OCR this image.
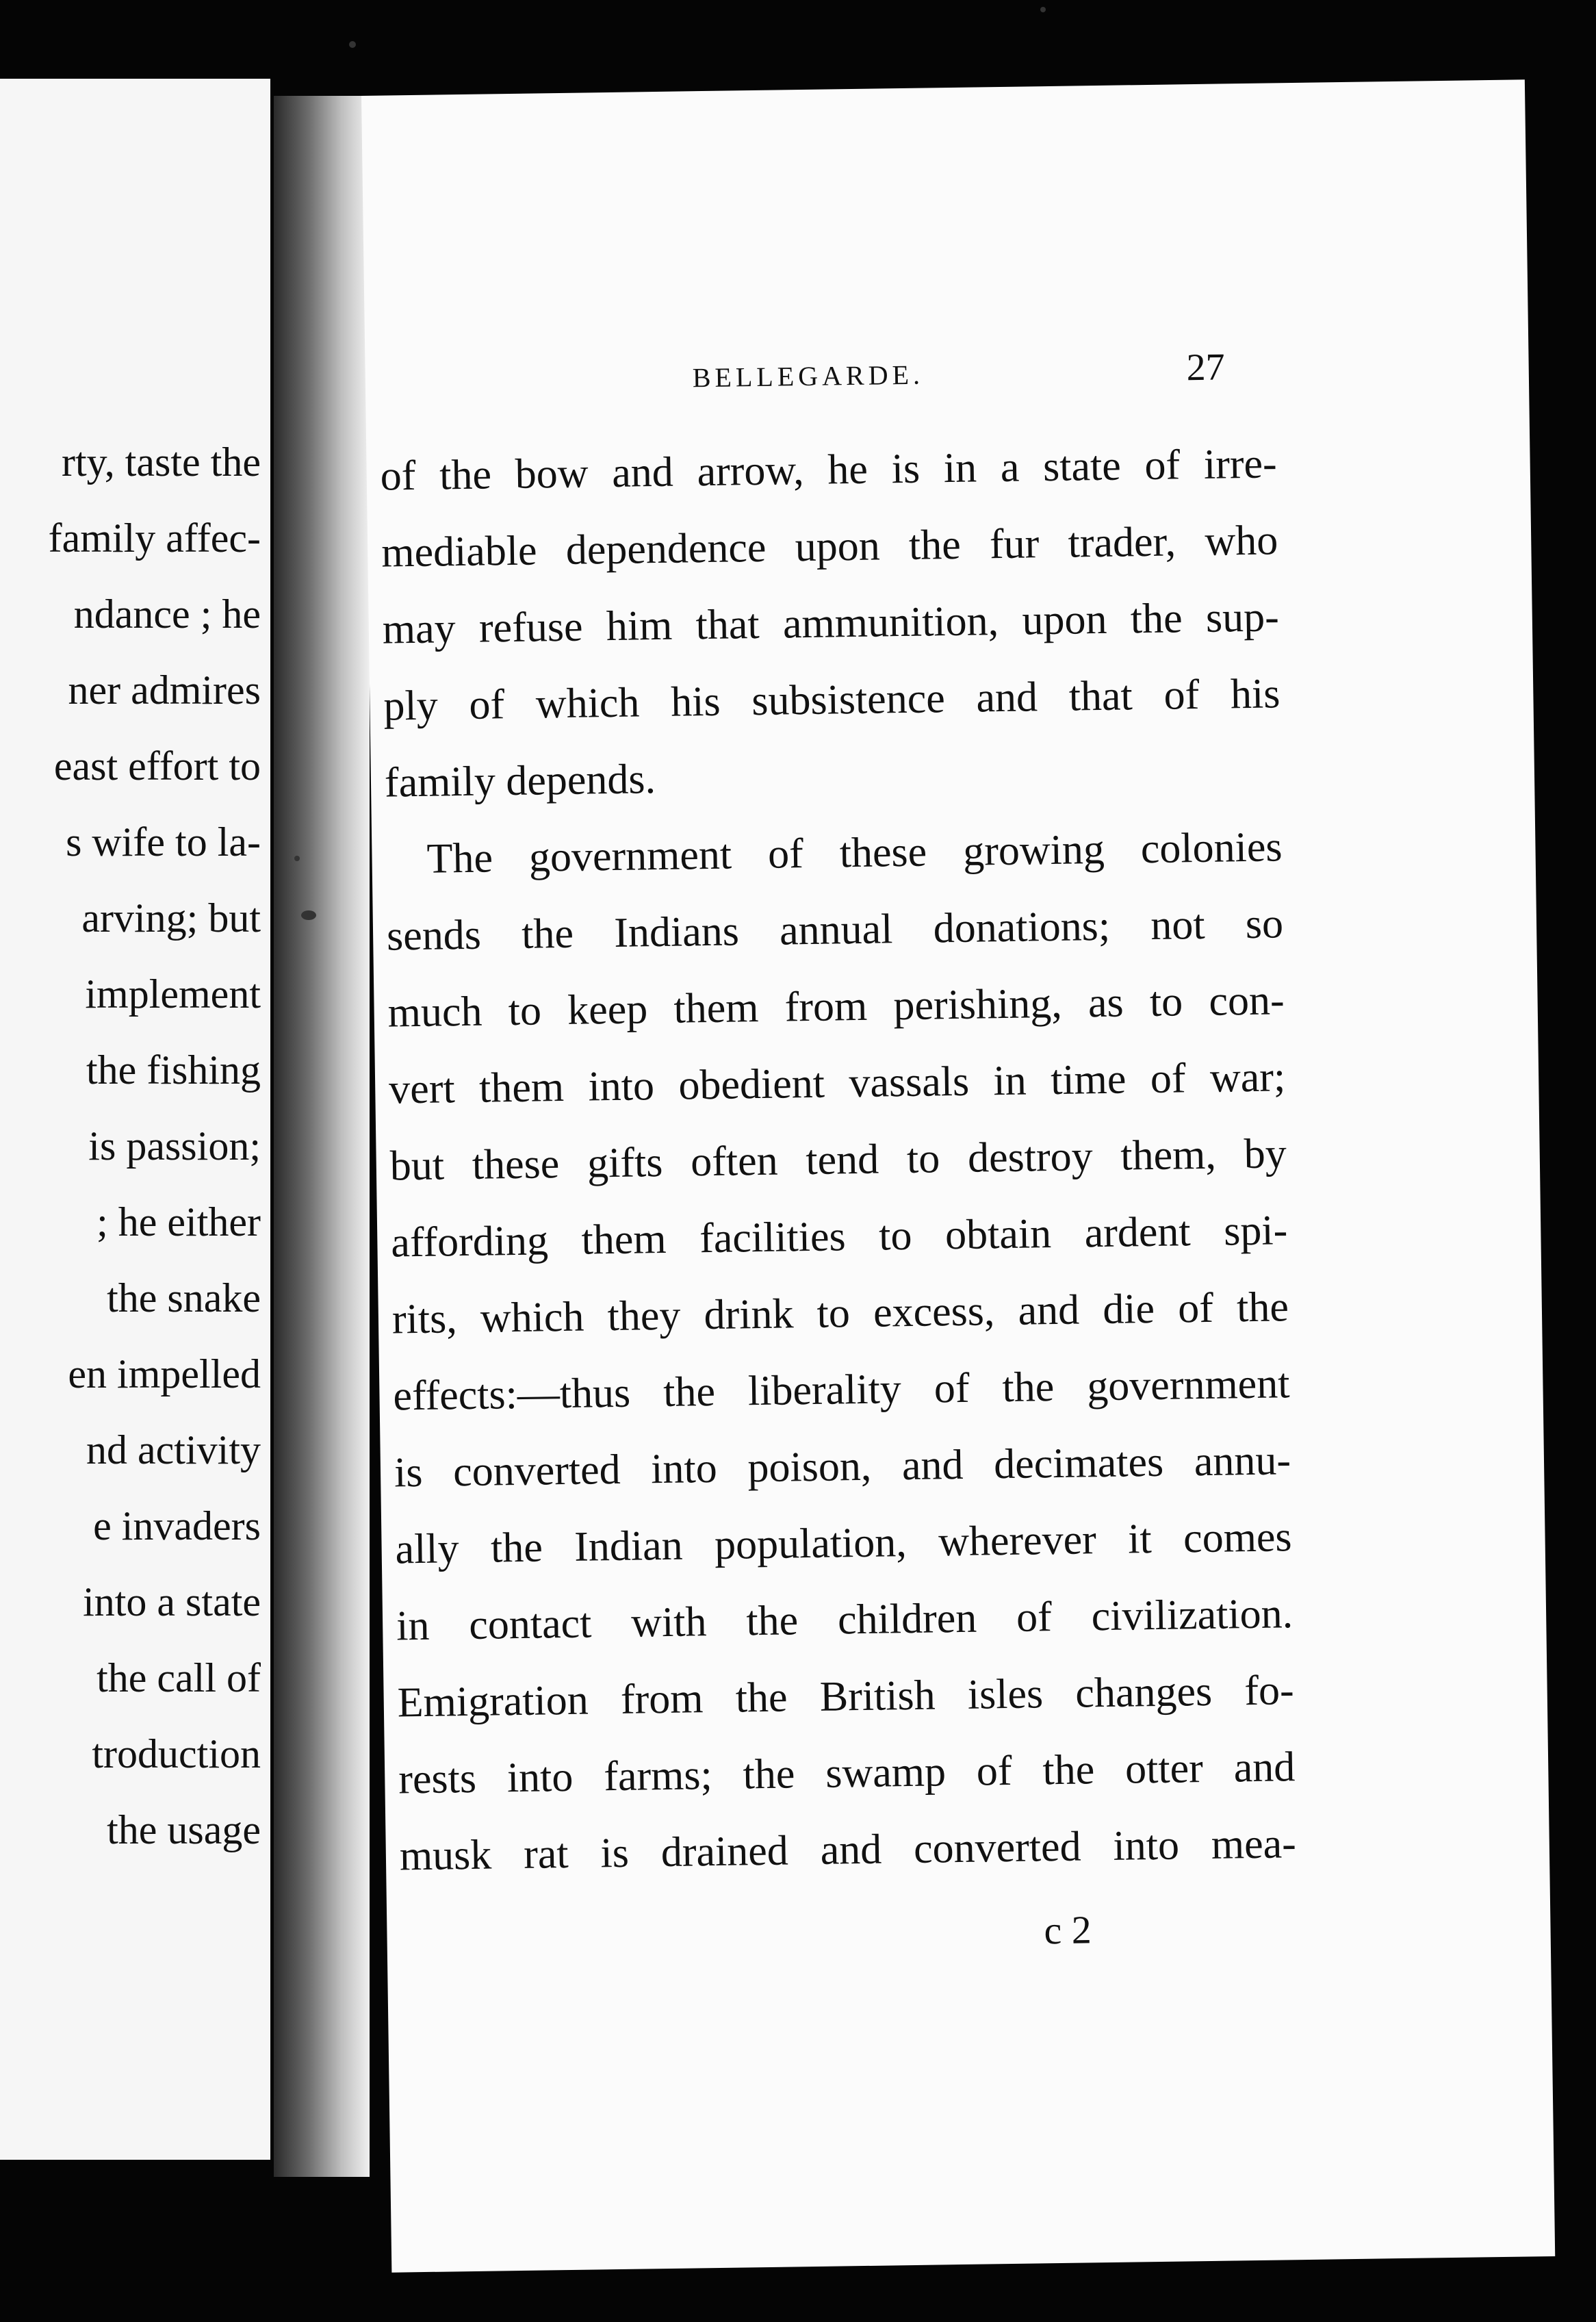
rty, taste the
family affec-
ndance ; he
ner admires
east effort to
s wife to la-
arving; but
implement
the fishing
is passion;
; he either
the snake
en impelled
nd activity
e invaders
into a state
the call of
troduction
the usage
BELLEGARDE.	27
of the bow and arrow, he is in a state of irre-
mediable dependence upon the fur trader, who
may refuse him that ammunition, upon the sup-
ply of which his subsistence and that of his
family depends.
The government of these growing colonies
sends the Indians annual donations; not so
much to keep them from perishing, as to con-
vert them into obedient vassals in time of war;
but these gifts often tend to destroy them, by
affording them facilities to obtain ardent spi-
rits, which they drink to excess, and die of the
effects:—thus the liberality of the government
is converted into poison, and decimates annu-
ally the Indian population, wherever it comes
in contact with the children of civilization.
Emigration from the British isles changes fo-
rests into farms; the swamp of the otter and
musk rat is drained and converted into mea-
c 2
